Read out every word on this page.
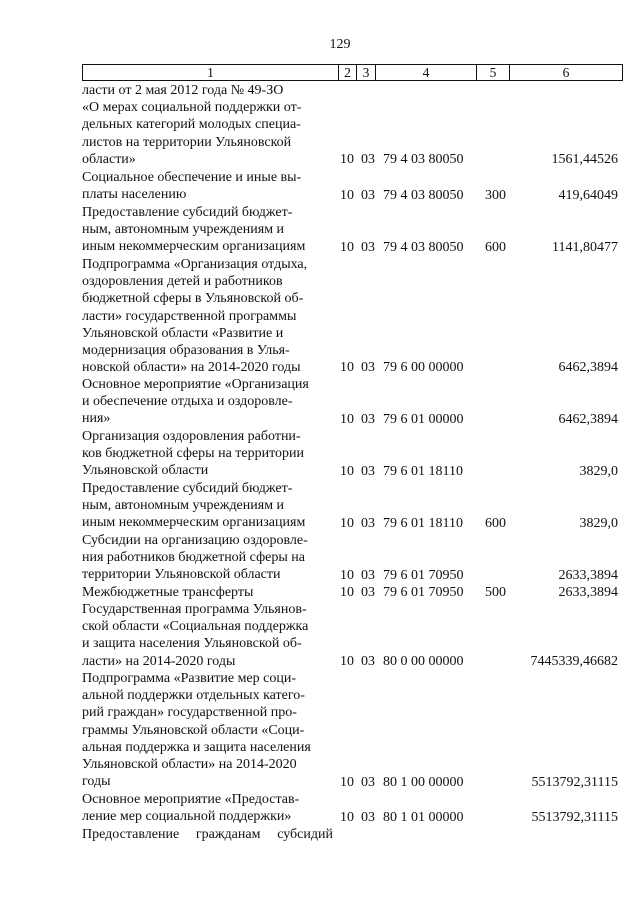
129
1	2 3	4	5	6
ласти от 2 мая 2012 года № 49-ЗО
«О мерах социальной поддержки от-
дельных категорий молодых специа-
листов на территории Ульяновской
области»	10 03 79 4 03 80050	1561,44526
Социальное обеспечение и иные вы-
платы населению	10 03 79 4 03 80050 300	419,64049
Предоставление субсидий бюджет-
ным, автономным учреждениям и
иным некоммерческим организациям	10 03 79 4 03 80050 600	1141,80477
Подпрограмма «Организация отдыха,
оздоровления детей и работников
бюджетной сферы в Ульяновской об-
ласти» государственной программы
Ульяновской области «Развитие и
модернизация образования в Улья-
новской области» на 2014-2020 годы	10 03 79 6 00 00000	6462,3894
Основное мероприятие «Организация
и обеспечение отдыха и оздоровле-
ния»	10 03 79 6 01 00000	6462,3894
Организация оздоровления работни-
ков бюджетной сферы на территории
Ульяновской области	10 03 79 6 01 18110	3829,0
Предоставление субсидий бюджет-
ным, автономным учреждениям и
иным некоммерческим организациям	10 03 79 6 01 18110 600	3829,0
Субсидии на организацию оздоровле-
ния работников бюджетной сферы на
территории Ульяновской области	10 03 79 6 01 70950	2633,3894
Межбюджетные трансферты	10 03 79 6 01 70950 500	2633,3894
Государственная программа Ульянов-
ской области «Социальная поддержка
и защита населения Ульяновской об-
ласти» на 2014-2020 годы	10 03 80 0 00 00000	7445339,46682
Подпрограмма «Развитие мер соци-
альной поддержки отдельных катего-
рий граждан» государственной про-
граммы Ульяновской области «Соци-
альная поддержка и защита населения
Ульяновской области» на 2014-2020
годы	10 03 80 1 00 00000	5513792,31115
Основное мероприятие «Предостав-
ление мер социальной поддержки»	10 03 80 1 01 00000	5513792,31115
Предоставление гражданам субсидий
